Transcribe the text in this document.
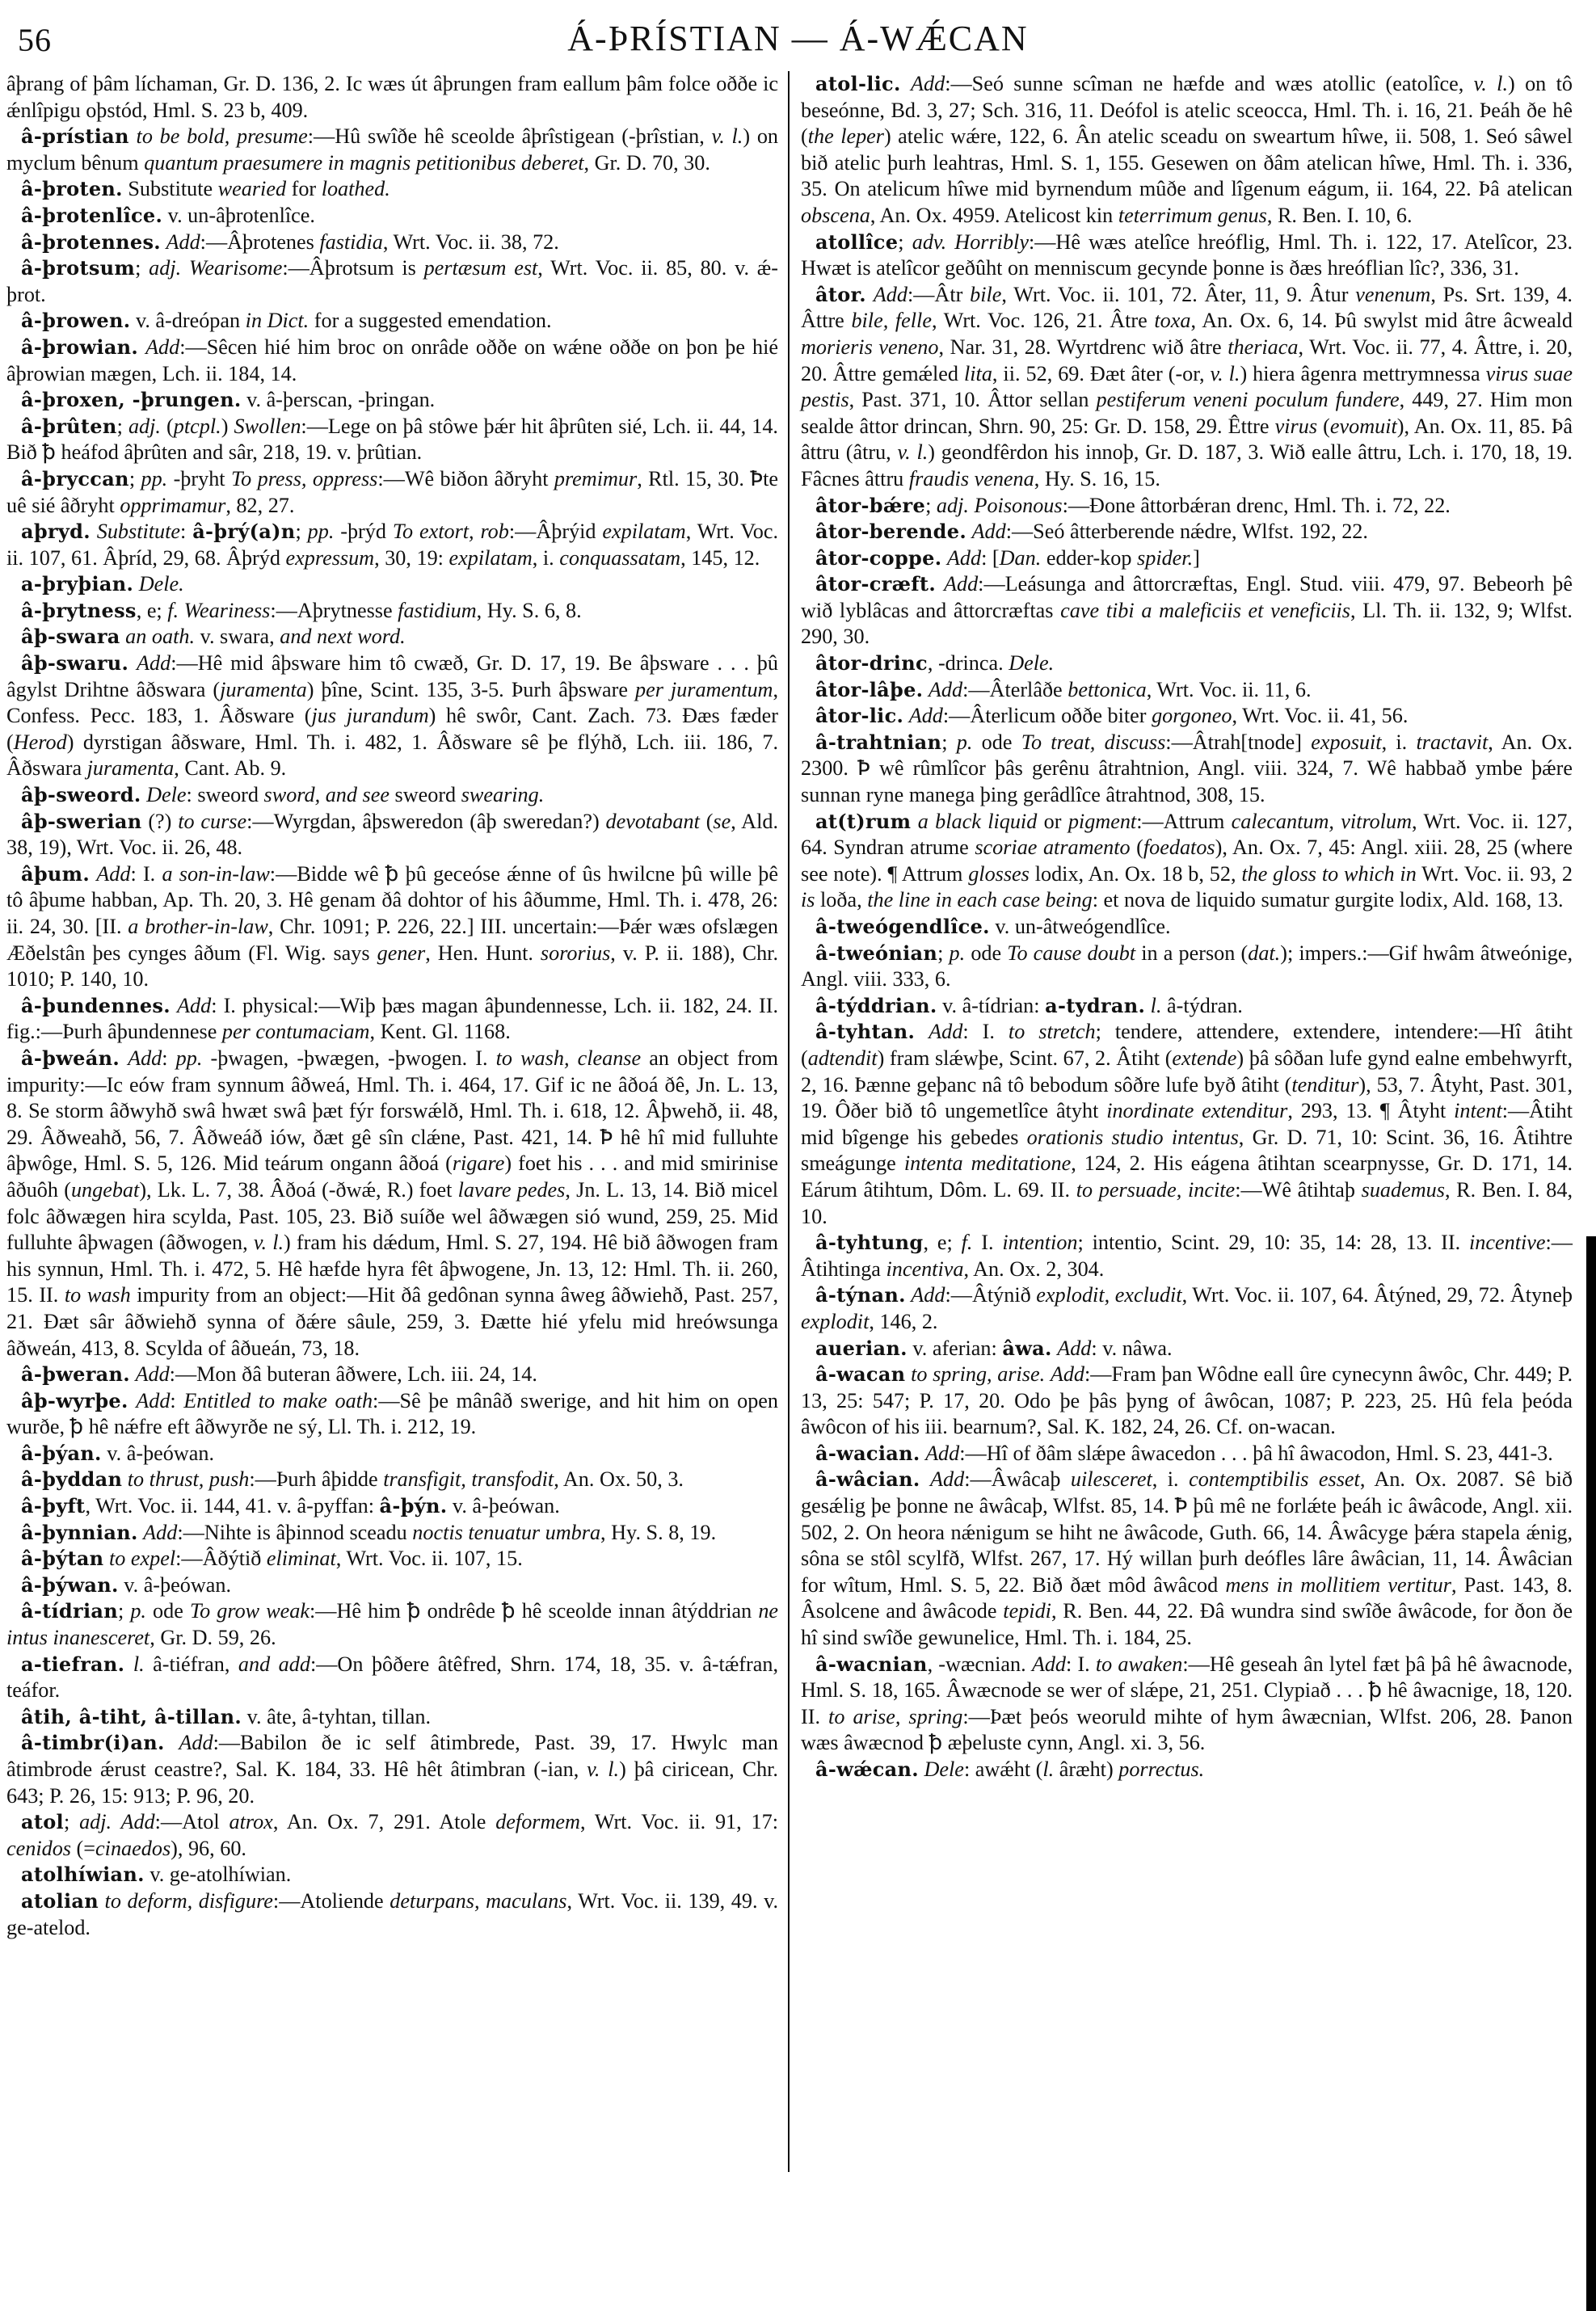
56	Á-ÞRÍSTIAN — Á-WǼCAN

âþrang of þâm líchaman, Gr. D. 136, 2. Ic wæs út âþrungen fram eallum þâm folce oððe ic ǽnlîpigu oþstód, Hml. S. 23 b, 409.

â-prístian to be bold, presume:—Hû swîðe hê sceolde âþrîstigean (-þrîstian, v. l.) on myclum bênum quantum praesumere in magnis petitionibus deberet, Gr. D. 70, 30.

â-þroten. Substitute wearied for loathed.

â-þrotenlîce. v. un-âþrotenlîce.

â-þrotennes. Add:—Âþrotenes fastidia, Wrt. Voc. ii. 38, 72.

â-þrotsum; adj. Wearisome:—Âþrotsum is pertæsum est, Wrt. Voc. ii. 85, 80. v. ǽ-þrot.

â-þrowen. v. â-dreópan in Dict. for a suggested emendation.

â-þrowian. Add:—Sêcen hié him broc on onrâde oððe on wǽne oððe on þon þe hié âþrowian mægen, Lch. ii. 184, 14.

â-þroxen, -þrungen. v. â-þerscan, -þringan.

â-þrûten; adj. (ptcpl.) Swollen:—Lege on þâ stôwe þǽr hit âþrûten sié, Lch. ii. 44, 14. Bið ꝥ heáfod âþrûten and sâr, 218, 19. v. þrûtian.

â-þryccan; pp. -þryht To press, oppress:—Wê biðon âðryht premimur, Rtl. 15, 30. Ꝥte uê sié âðryht opprimamur, 82, 27.

aþryd. Substitute: â-þrý(a)n; pp. -þrýd To extort, rob:—Âþrýid expilatam, Wrt. Voc. ii. 107, 61. Âþríd, 29, 68. Âþrýd expressum, 30, 19: expilatam, i. conquassatam, 145, 12.

a-þryþian. Dele.

â-þrytness, e; f. Weariness:—Aþrytnesse fastidium, Hy. S. 6, 8.

âþ-swara an oath. v. swara, and next word.

âþ-swaru. Add:—Hê mid âþsware him tô cwæð, Gr. D. 17, 19. Be âþsware . . . þû âgylst Drihtne âðswara (juramenta) þîne, Scint. 135, 3-5. Þurh âþsware per juramentum, Confess. Pecc. 183, 1. Âðsware (jus jurandum) hê swôr, Cant. Zach. 73. Ðæs fæder (Herod) dyrstigan âðsware, Hml. Th. i. 482, 1. Âðsware sê þe flýhð, Lch. iii. 186, 7. Âðswara juramenta, Cant. Ab. 9.

âþ-sweord. Dele: sweord sword, and see sweord swearing.

âþ-swerian (?) to curse:—Wyrgdan, âþsweredon (âþ sweredan?) devotabant (se, Ald. 38, 19), Wrt. Voc. ii. 26, 48.

âþum. Add: I. a son-in-law:—Bidde wê ꝥ þû geceóse ǽnne of ûs hwilcne þû wille þê tô âþume habban, Ap. Th. 20, 3. Hê genam ðâ dohtor of his âðumme, Hml. Th. i. 478, 26: ii. 24, 30. [II. a brother-in-law, Chr. 1091; P. 226, 22.] III. uncertain:—Þǽr wæs ofslægen Æðelstân þes cynges âðum (Fl. Wig. says gener, Hen. Hunt. sororius, v. P. ii. 188), Chr. 1010; P. 140, 10.

â-þundennes. Add: I. physical:—Wiþ þæs magan âþundennesse, Lch. ii. 182, 24. II. fig.:—Þurh âþundennese per contumaciam, Kent. Gl. 1168.

â-þweán. Add: pp. -þwagen, -þwægen, -þwogen. I. to wash, cleanse an object from impurity:—Ic eów fram synnum âðweá, Hml. Th. i. 464, 17. Gif ic ne âðoá ðê, Jn. L. 13, 8. Se storm âðwyhð swâ hwæt swâ þæt fýr forswǽlð, Hml. Th. i. 618, 12. Âþwehð, ii. 48, 29. Âðweahð, 56, 7. Âðweáð iów, ðæt gê sîn clǽne, Past. 421, 14. Ꝥ hê hî mid fulluhte âþwôge, Hml. S. 5, 126. Mid teárum ongann âðoá (rigare) foet his . . . and mid smirinise âðuôh (ungebat), Lk. L. 7, 38. Âðoá (-ðwǽ, R.) foet lavare pedes, Jn. L. 13, 14. Bið micel folc âðwægen hira scylda, Past. 105, 23. Bið suíðe wel âðwægen sió wund, 259, 25. Mid fulluhte âþwagen (âðwogen, v. l.) fram his dǽdum, Hml. S. 27, 194. Hê bið âðwogen fram his synnun, Hml. Th. i. 472, 5. Hê hæfde hyra fêt âþwogene, Jn. 13, 12: Hml. Th. ii. 260, 15. II. to wash impurity from an object:—Hit ðâ gedônan synna âweg âðwiehð, Past. 257, 21. Ðæt sâr âðwiehð synna of ðǽre sâule, 259, 3. Ðætte hié yfelu mid hreówsunga âðweán, 413, 8. Scylda of âðueán, 73, 18.

â-þweran. Add:—Mon ðâ buteran âðwere, Lch. iii. 24, 14.

âþ-wyrþe. Add: Entitled to make oath:—Sê þe mânâð swerige, and hit him on open wurðe, ꝥ hê nǽfre eft âðwyrðe ne sý, Ll. Th. i. 212, 19.

â-þýan. v. â-þeówan.

â-þyddan to thrust, push:—Þurh âþidde transfigit, transfodit, An. Ox. 50, 3.

â-þyft, Wrt. Voc. ii. 144, 41. v. â-pyffan: â-þýn. v. â-þeówan.

â-þynnian. Add:—Nihte is âþinnod sceadu noctis tenuatur umbra, Hy. S. 8, 19.

â-þýtan to expel:—Âðýtið eliminat, Wrt. Voc. ii. 107, 15.

â-þýwan. v. â-þeówan.

â-tídrian; p. ode To grow weak:—Hê him ꝥ ondrêde ꝥ hê sceolde innan âtýddrian ne intus inanesceret, Gr. D. 59, 26.

a-tiefran. l. â-tiéfran, and add:—On þôðere âtêfred, Shrn. 174, 18, 35. v. â-tǽfran, teáfor.

âtih, â-tiht, â-tillan. v. âte, â-tyhtan, tillan.

â-timbr(i)an. Add:—Babilon ðe ic self âtimbrede, Past. 39, 17. Hwylc man âtimbrode ǽrust ceastre?, Sal. K. 184, 33. Hê hêt âtimbran (-ian, v. l.) þâ ciricean, Chr. 643; P. 26, 15: 913; P. 96, 20.

atol; adj. Add:—Atol atrox, An. Ox. 7, 291. Atole deformem, Wrt. Voc. ii. 91, 17: cenidos (=cinaedos), 96, 60.

atolhíwian. v. ge-atolhíwian.

atolian to deform, disfigure:—Atoliende deturpans, maculans, Wrt. Voc. ii. 139, 49. v. ge-atelod.

atol-lic. Add:—Seó sunne scîman ne hæfde and wæs atollic (eatolîce, v. l.) on tô beseónne, Bd. 3, 27; Sch. 316, 11. Deófol is atelic sceocca, Hml. Th. i. 16, 21. Þeáh ðe hê (the leper) atelic wǽre, 122, 6. Ân atelic sceadu on sweartum hîwe, ii. 508, 1. Seó sâwel bið atelic þurh leahtras, Hml. S. 1, 155. Gesewen on ðâm atelican hîwe, Hml. Th. i. 336, 35. On atelicum hîwe mid byrnendum mûðe and lîgenum eágum, ii. 164, 22. Þâ atelican obscena, An. Ox. 4959. Atelicost kin teterrimum genus, R. Ben. I. 10, 6.

atollîce; adv. Horribly:—Hê wæs atelîce hreóflig, Hml. Th. i. 122, 17. Atelîcor, 23. Hwæt is atelîcor geðûht on menniscum gecynde þonne is ðæs hreóflian lîc?, 336, 31.

âtor. Add:—Âtr bile, Wrt. Voc. ii. 101, 72. Âter, 11, 9. Âtur venenum, Ps. Srt. 139, 4. Âttre bile, felle, Wrt. Voc. 126, 21. Âtre toxa, An. Ox. 6, 14. Þû swylst mid âtre âcweald morieris veneno, Nar. 31, 28. Wyrtdrenc wið âtre theriaca, Wrt. Voc. ii. 77, 4. Âttre, i. 20, 20. Âttre gemǽled lita, ii. 52, 69. Ðæt âter (-or, v. l.) hiera âgenra mettrymnessa virus suae pestis, Past. 371, 10. Âttor sellan pestiferum veneni poculum fundere, 449, 27. Him mon sealde âttor drincan, Shrn. 90, 25: Gr. D. 158, 29. Êttre virus (evomuit), An. Ox. 11, 85. Þâ âttru (âtru, v. l.) geondfêrdon his innoþ, Gr. D. 187, 3. Wið ealle âttru, Lch. i. 170, 18, 19. Fâcnes âttru fraudis venena, Hy. S. 16, 15.

âtor-bǽre; adj. Poisonous:—Ðone âttorbǽran drenc, Hml. Th. i. 72, 22.

âtor-berende. Add:—Seó âtterberende nǽdre, Wlfst. 192, 22.

âtor-coppe. Add: [Dan. edder-kop spider.]

âtor-cræft. Add:—Leásunga and âttorcræftas, Engl. Stud. viii. 479, 97. Bebeorh þê wið lyblâcas and âttorcræftas cave tibi a maleficiis et veneficiis, Ll. Th. ii. 132, 9; Wlfst. 290, 30.

âtor-drinc, -drinca. Dele.

âtor-lâþe. Add:—Âterlâðe bettonica, Wrt. Voc. ii. 11, 6.

âtor-lic. Add:—Âterlicum oððe biter gorgoneo, Wrt. Voc. ii. 41, 56.

â-trahtnian; p. ode To treat, discuss:—Âtrah[tnode] exposuit, i. tractavit, An. Ox. 2300. Ꝥ wê rûmlîcor þâs gerênu âtrahtnion, Angl. viii. 324, 7. Wê habbað ymbe þǽre sunnan ryne manega þing gerâdlîce âtrahtnod, 308, 15.

at(t)rum a black liquid or pigment:—Attrum calecantum, vitrolum, Wrt. Voc. ii. 127, 64. Syndran atrume scoriae atramento (foedatos), An. Ox. 7, 45: Angl. xiii. 28, 25 (where see note). ¶ Attrum glosses lodix, An. Ox. 18 b, 52, the gloss to which in Wrt. Voc. ii. 93, 2 is loða, the line in each case being: et nova de liquido sumatur gurgite lodix, Ald. 168, 13.

â-tweógendlîce. v. un-âtweógendlîce.

â-tweónian; p. ode To cause doubt in a person (dat.); impers.:—Gif hwâm âtweónige, Angl. viii. 333, 6.

â-týddrian. v. â-tídrian: a-tydran. l. â-týdran.

â-tyhtan. Add: I. to stretch; tendere, attendere, extendere, intendere:—Hî âtiht (adtendit) fram slǽwþe, Scint. 67, 2. Âtiht (extende) þâ sôðan lufe gynd ealne embehwyrft, 2, 16. Þænne geþanc nâ tô bebodum sôðre lufe byð âtiht (tenditur), 53, 7. Âtyht, Past. 301, 19. Ôðer bið tô ungemetlîce âtyht inordinate extenditur, 293, 13. ¶ Âtyht intent:—Âtiht mid bîgenge his gebedes orationis studio intentus, Gr. D. 71, 10: Scint. 36, 16. Âtihtre smeágunge intenta meditatione, 124, 2. His eágena âtihtan scearpnysse, Gr. D. 171, 14. Eárum âtihtum, Dôm. L. 69. II. to persuade, incite:—Wê âtihtaþ suademus, R. Ben. I. 84, 10.

â-tyhtung, e; f. I. intention; intentio, Scint. 29, 10: 35, 14: 28, 13. II. incentive:—Âtihtinga incentiva, An. Ox. 2, 304.

â-týnan. Add:—Âtýnið explodit, excludit, Wrt. Voc. ii. 107, 64. Âtýned, 29, 72. Âtyneþ explodit, 146, 2.

auerian. v. aferian: âwa. Add: v. nâwa.

â-wacan to spring, arise. Add:—Fram þan Wôdne eall ûre cynecynn âwôc, Chr. 449; P. 13, 25: 547; P. 17, 20. Odo þe þâs þyng of âwôcan, 1087; P. 223, 25. Hû fela þeóda âwôcon of his iii. bearnum?, Sal. K. 182, 24, 26. Cf. on-wacan.

â-wacian. Add:—Hî of ðâm slǽpe âwacedon . . . þâ hî âwacodon, Hml. S. 23, 441-3.

â-wâcian. Add:—Âwâcaþ uilesceret, i. contemptibilis esset, An. Ox. 2087. Sê bið gesǽlig þe þonne ne âwâcaþ, Wlfst. 85, 14. Ꝥ þû mê ne forlǽte þeáh ic âwâcode, Angl. xii. 502, 2. On heora nǽnigum se hiht ne âwâcode, Guth. 66, 14. Âwâcyge þǽra stapela ǽnig, sôna se stôl scylfð, Wlfst. 267, 17. Hý willan þurh deófles lâre âwâcian, 11, 14. Âwâcian for wîtum, Hml. S. 5, 22. Bið ðæt môd âwâcod mens in mollitiem vertitur, Past. 143, 8. Âsolcene and âwâcode tepidi, R. Ben. 44, 22. Ðâ wundra sind swîðe âwâcode, for ðon ðe hî sind swîðe gewunelice, Hml. Th. i. 184, 25.

â-wacnian, -wæcnian. Add: I. to awaken:—Hê geseah ân lytel fæt þâ þâ hê âwacnode, Hml. S. 18, 165. Âwæcnode se wer of slǽpe, 21, 251. Clypiað . . . ꝥ hê âwacnige, 18, 120. II. to arise, spring:—Þæt þeós weoruld mihte of hym âwæcnian, Wlfst. 206, 28. Þanon wæs âwæcnod ꝥ æþeluste cynn, Angl. xi. 3, 56.

â-wǽcan. Dele: awǽht (l. âræht) porrectus.
